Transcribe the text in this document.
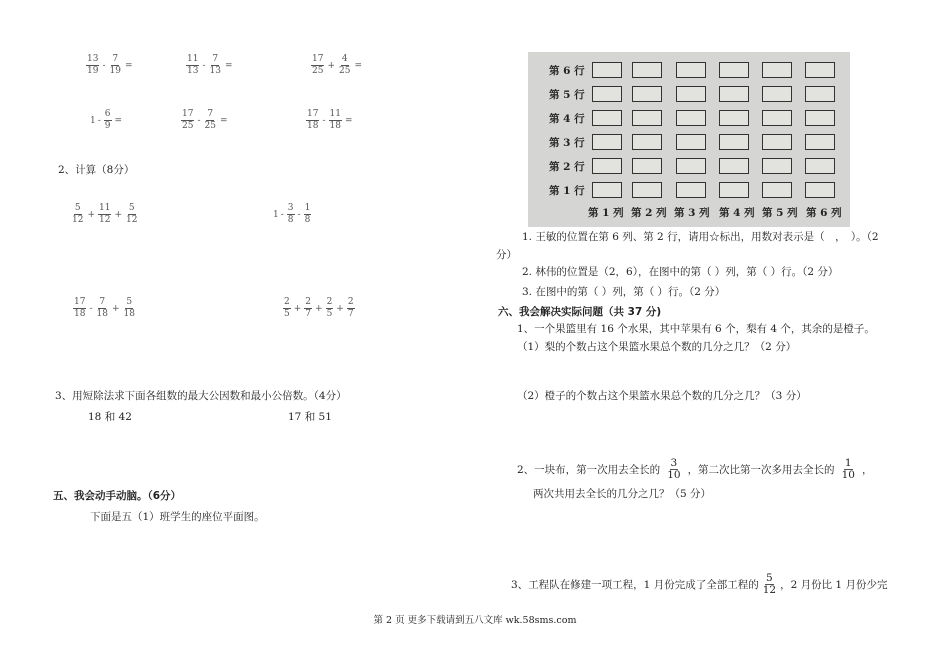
$\frac{13}{19} - \frac{7}{19}$ =	$\frac{11}{13} - \frac{7}{13}$ =	$\frac{17}{25} + \frac{4}{25}$ =
$1 - \frac{6}{9}$ =	$\frac{17}{25} - \frac{7}{25}$ =	$\frac{17}{18} - \frac{11}{18}$ =
2、计算（8分）
$\frac{5}{12} + \frac{11}{12} + \frac{5}{12}$	$1 - \frac{3}{8} - \frac{1}{8}$
$\frac{17}{18} - \frac{7}{18} + \frac{5}{18}$	$\frac{2}{5} + \frac{2}{7} + \frac{2}{5} + \frac{2}{7}$
3、用短除法求下面各组数的最大公因数和最小公倍数。（4分）
18 和 42	17 和 51
五、我会动手动脑。（6分）
下面是五（1）班学生的座位平面图。
第 6 行
第 5 行
第 4 行
第 3 行
第 2 行
第 1 行
第 1 列 第 2 列 第 3 列 第 4 列 第 5 列 第 6 列
1. 王敏的位置在第 6 列、第 2 行，请用☆标出，用数对表示是（　，　）。（2
分）
2. 林伟的位置是（2，6），在图中的第（ ）列，第（ ）行。（2 分）
3. 在图中的第（ ）列，第（ ）行。（2 分）
六、我会解决实际问题（共 37 分)
1、一个果篮里有 16 个水果，其中苹果有 6 个，梨有 4 个，其余的是橙子。
（1）梨的个数占这个果篮水果总个数的几分之几？（2 分）
（2）橙子的个数占这个果篮水果总个数的几分之几？（3 分）
2、一块布，第一次用去全长的 $\frac{3}{10}$ ，第二次比第一次多用去全长的 $\frac{1}{10}$ ，
两次共用去全长的几分之几？（5 分）
3、工程队在修建一项工程，1 月份完成了全部工程的 $\frac{5}{12}$ ，2 月份比 1 月份少完
第 2 页 更多下载请到五八文库 wk.58sms.com
